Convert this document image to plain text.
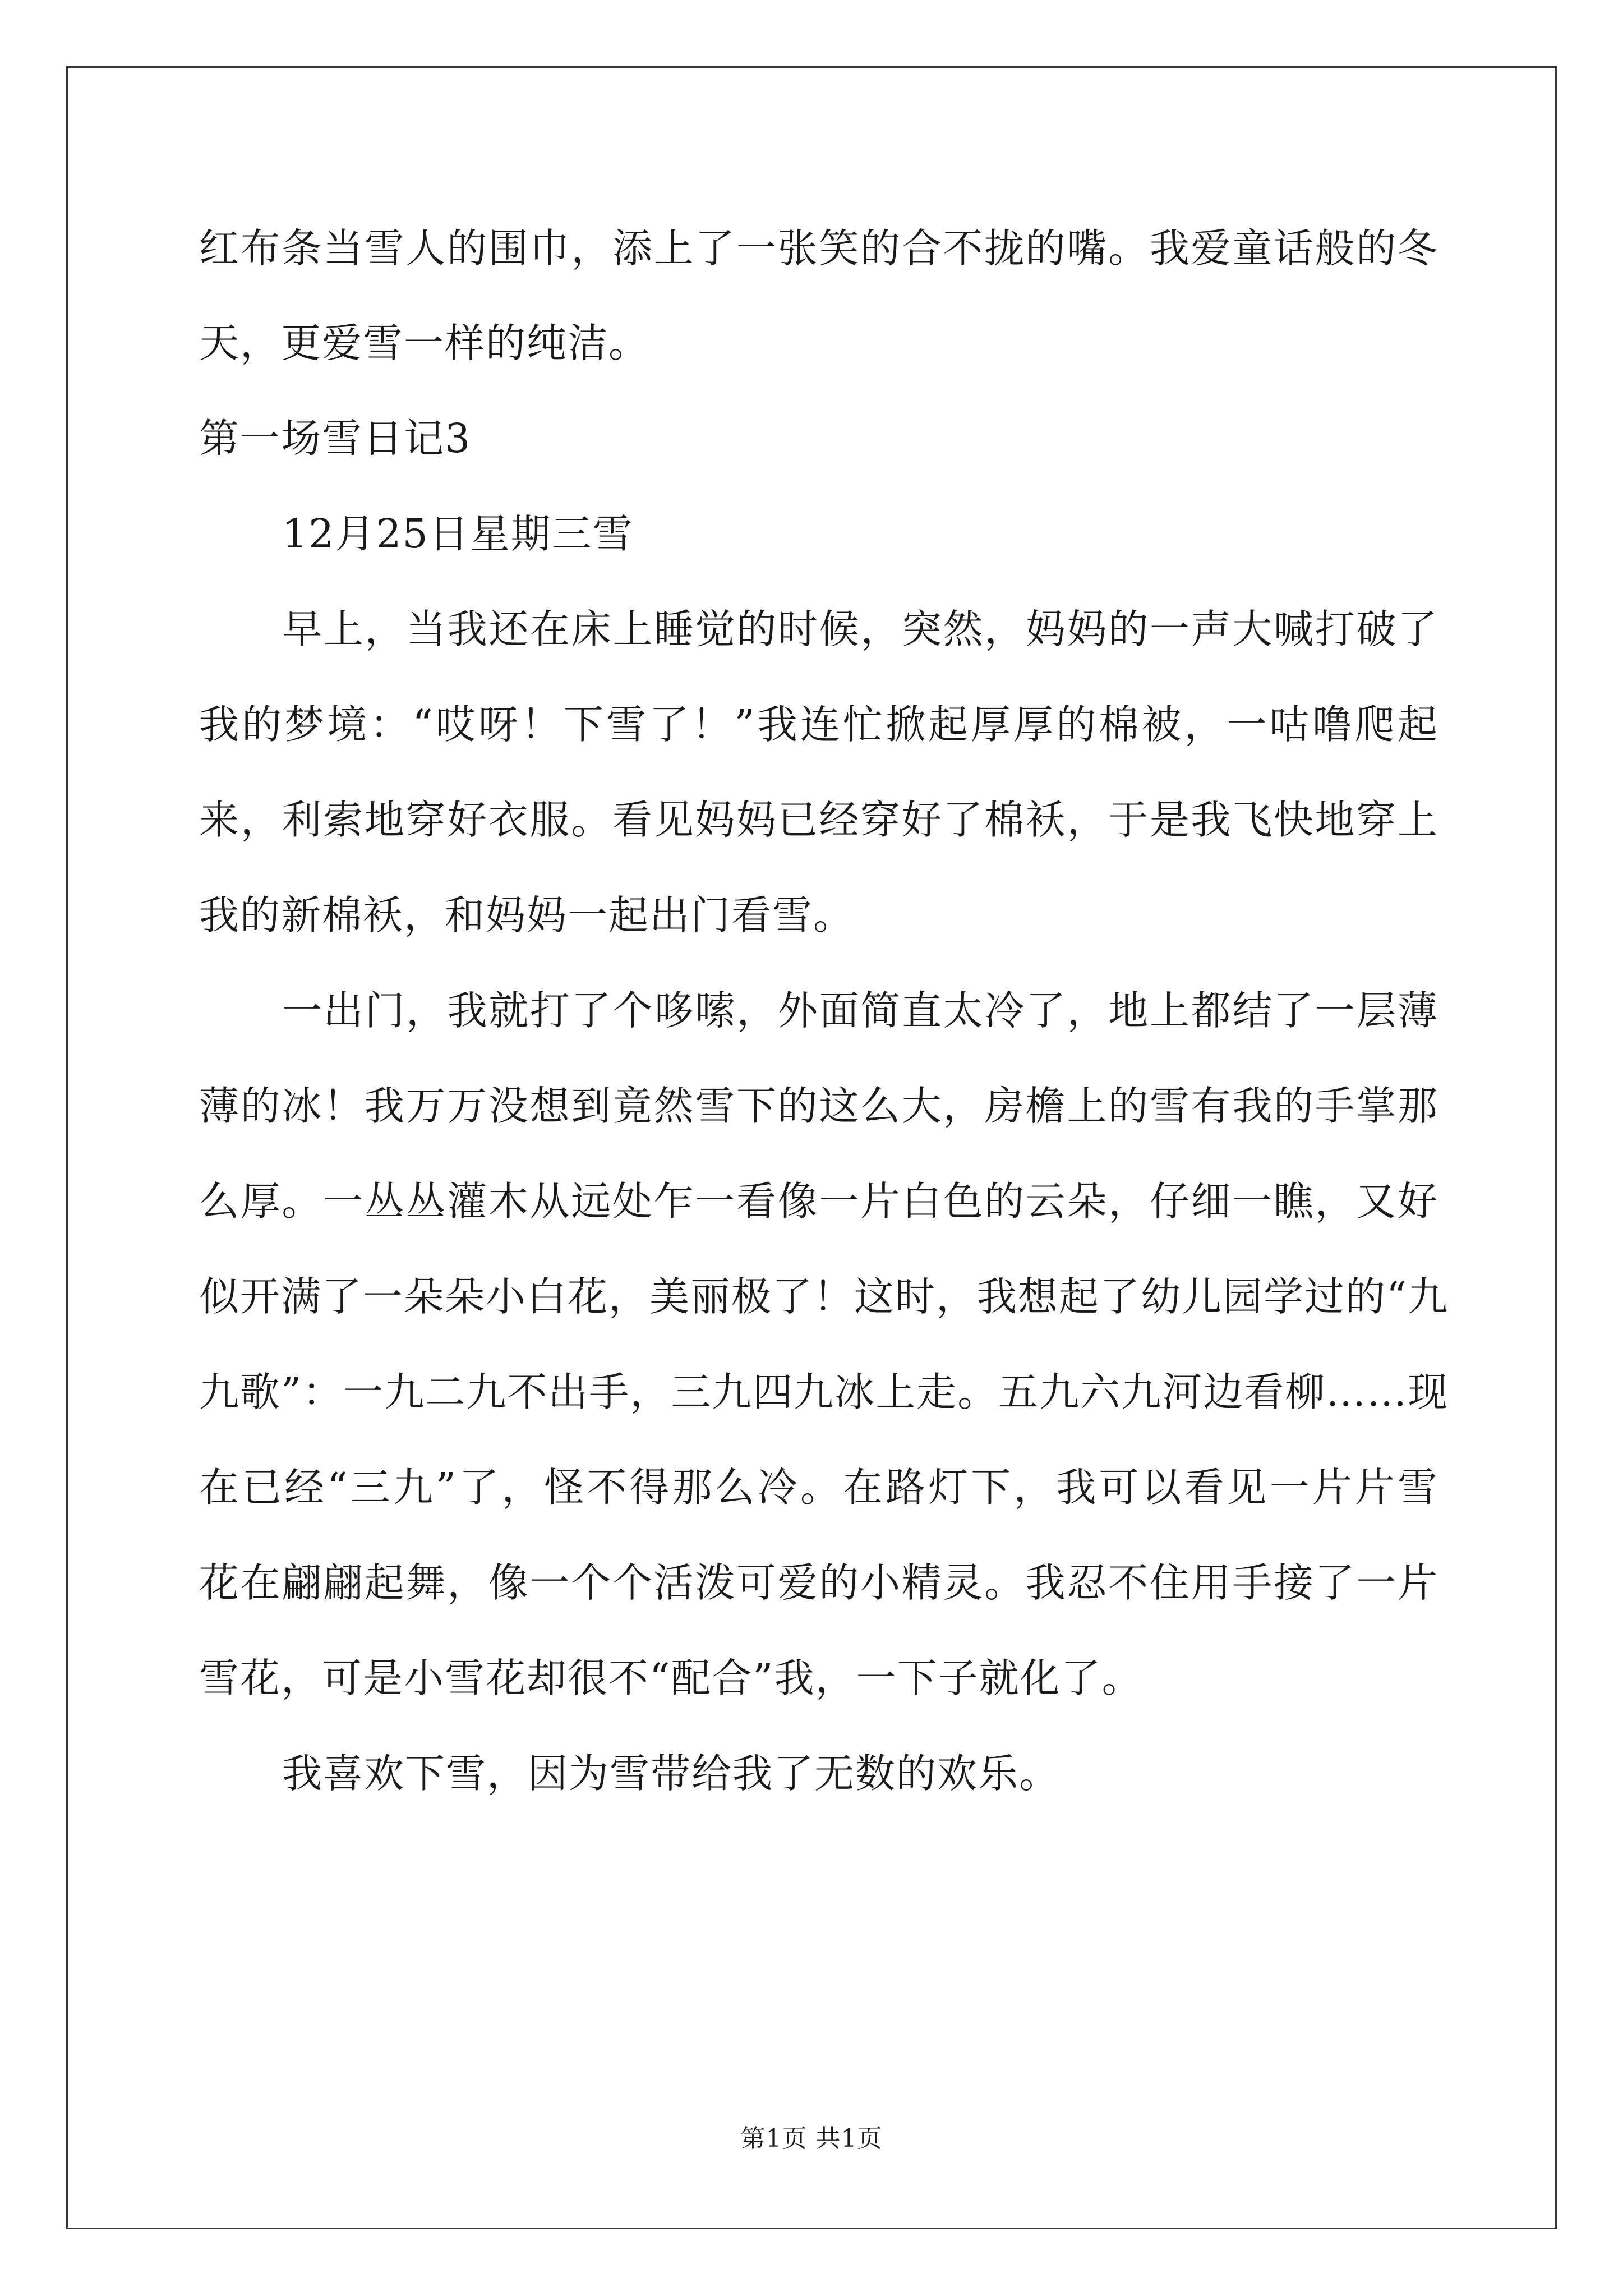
红布条当雪人的围巾，添上了一张笑的合不拢的嘴。我爱童话般的冬
天，更爱雪一样的纯洁。
第一场雪日记3
12月25日星期三雪
早上，当我还在床上睡觉的时候，突然，妈妈的一声大喊打破了
我的梦境：“哎呀！下雪了！”我连忙掀起厚厚的棉被，一咕噜爬起
来，利索地穿好衣服。看见妈妈已经穿好了棉袄，于是我飞快地穿上
我的新棉袄，和妈妈一起出门看雪。
一出门，我就打了个哆嗦，外面简直太冷了，地上都结了一层薄
薄的冰！我万万没想到竟然雪下的这么大，房檐上的雪有我的手掌那
么厚。一丛丛灌木从远处乍一看像一片白色的云朵，仔细一瞧，又好
似开满了一朵朵小白花，美丽极了！这时，我想起了幼儿园学过的“九
九歌”：一九二九不出手，三九四九冰上走。五九六九河边看柳……现
在已经“三九”了，怪不得那么冷。在路灯下，我可以看见一片片雪
花在翩翩起舞，像一个个活泼可爱的小精灵。我忍不住用手接了一片
雪花，可是小雪花却很不“配合”我，一下子就化了。
我喜欢下雪，因为雪带给我了无数的欢乐。
第1页 共1页
